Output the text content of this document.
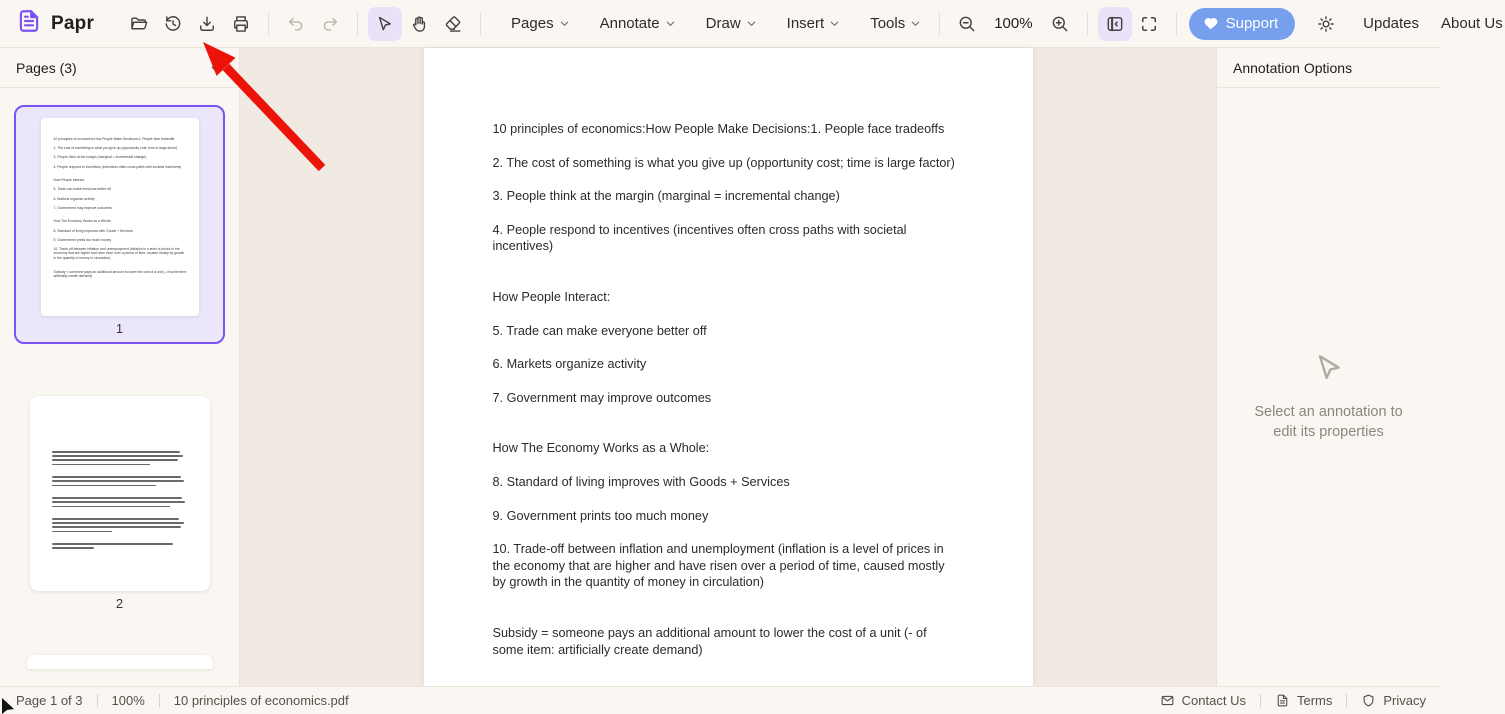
Papr	Pages	Annotate	Draw	Insert	Tools	100%	Support	Updates About Us
Pages (3)

10 principles of economics:How People Make Decisions:1. People face tradeoffs

2. The cost of something is what you give up (opportunity cost; time is large factor)

3. People think at the margin (marginal = incremental change)

4. People respond to incentives (incentives often cross paths with societal incentives)

How People Interact:

5. Trade can make everyone better off

6. Markets organize activity

7. Government may improve outcomes

How The Economy Works as a Whole:

8. Standard of living improves with Goods + Services

9. Government prints too much money

10. Trade-off between inflation and unemployment (inflation is a level of prices in the economy that are higher and have risen over a period of time, caused mostly by growth in the quantity of money in circulation)

Subsidy = someone pays an additional amount to lower the cost of a unit (- of some item: artificially create demand)

1
2

10 principles of economics:How People Make Decisions:1. People face tradeoffs

2. The cost of something is what you give up (opportunity cost; time is large factor)

3. People think at the margin (marginal = incremental change)

4. People respond to incentives (incentives often cross paths with societal incentives)

How People Interact:

5. Trade can make everyone better off

6. Markets organize activity

7. Government may improve outcomes

How The Economy Works as a Whole:

8. Standard of living improves with Goods + Services

9. Government prints too much money

10. Trade-off between inflation and unemployment (inflation is a level of prices in the economy that are higher and have risen over a period of time, caused mostly by growth in the quantity of money in circulation)

Subsidy = someone pays an additional amount to lower the cost of a unit (- of some item: artificially create demand)

Annotation Options
Select an annotation to edit its properties
Page 1 of 3 100% 10 principles of economics.pdf	Contact Us	Terms	Privacy
